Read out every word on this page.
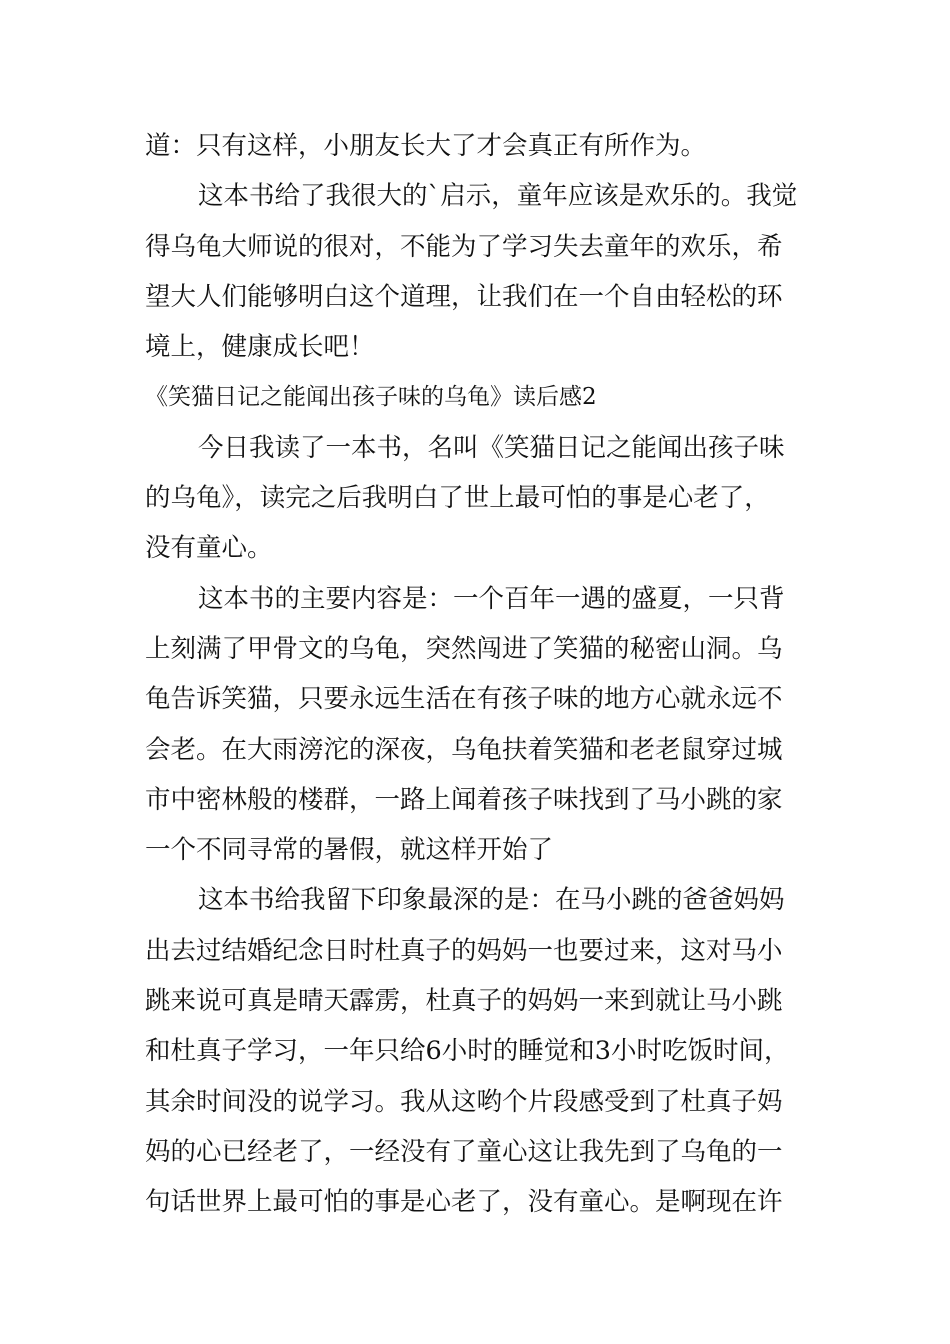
道：只有这样，小朋友长大了才会真正有所作为。
这本书给了我很大的`启示，童年应该是欢乐的。我觉
得乌龟大师说的很对，不能为了学习失去童年的欢乐，希
望大人们能够明白这个道理，让我们在一个自由轻松的环
境上，健康成长吧！
《笑猫日记之能闻出孩子味的乌龟》读后感2
今日我读了一本书，名叫《笑猫日记之能闻出孩子味
的乌龟》，读完之后我明白了世上最可怕的事是心老了，
没有童心。
这本书的主要内容是：一个百年一遇的盛夏，一只背
上刻满了甲骨文的乌龟，突然闯进了笑猫的秘密山洞。乌
龟告诉笑猫，只要永远生活在有孩子味的地方心就永远不
会老。在大雨滂沱的深夜，乌龟扶着笑猫和老老鼠穿过城
市中密林般的楼群，一路上闻着孩子味找到了马小跳的家
一个不同寻常的暑假，就这样开始了
这本书给我留下印象最深的是：在马小跳的爸爸妈妈
出去过结婚纪念日时杜真子的妈妈一也要过来，这对马小
跳来说可真是晴天霹雳，杜真子的妈妈一来到就让马小跳
和杜真子学习，一年只给6小时的睡觉和3小时吃饭时间，
其余时间没的说学习。我从这哟个片段感受到了杜真子妈
妈的心已经老了，一经没有了童心这让我先到了乌龟的一
句话世界上最可怕的事是心老了，没有童心。是啊现在许
